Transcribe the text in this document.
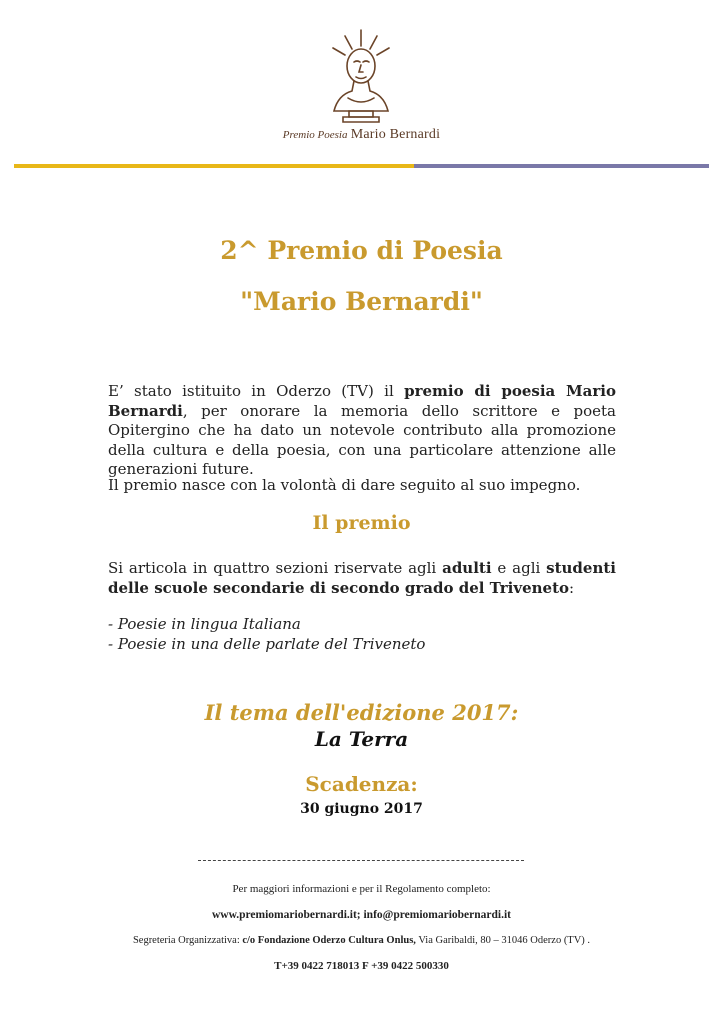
Premio Poesia Mario Bernardi
2^ Premio di Poesia
"Mario Bernardi"
E’ stato istituito in Oderzo (TV) il premio di poesia Mario Bernardi, per onorare la memoria dello scrittore e poeta Opitergino che ha dato un notevole contributo alla promozione della cultura e della poesia, con una particolare attenzione alle generazioni future.
Il premio nasce con la volontà di dare seguito al suo impegno.
Il premio
Si articola in quattro sezioni riservate agli adulti e agli studenti delle scuole secondarie di secondo grado del Triveneto:
- Poesie in lingua Italiana
- Poesie in una delle parlate del Triveneto
Il tema dell'edizione 2017:
La Terra
Scadenza:
30 giugno 2017
Per maggiori informazioni e per il Regolamento completo:
www.premiomariobernardi.it; info@premiomariobernardi.it
Segreteria Organizzativa: c/o Fondazione Oderzo Cultura Onlus, Via Garibaldi, 80 – 31046 Oderzo (TV) .
T+39 0422 718013 F +39 0422 500330
